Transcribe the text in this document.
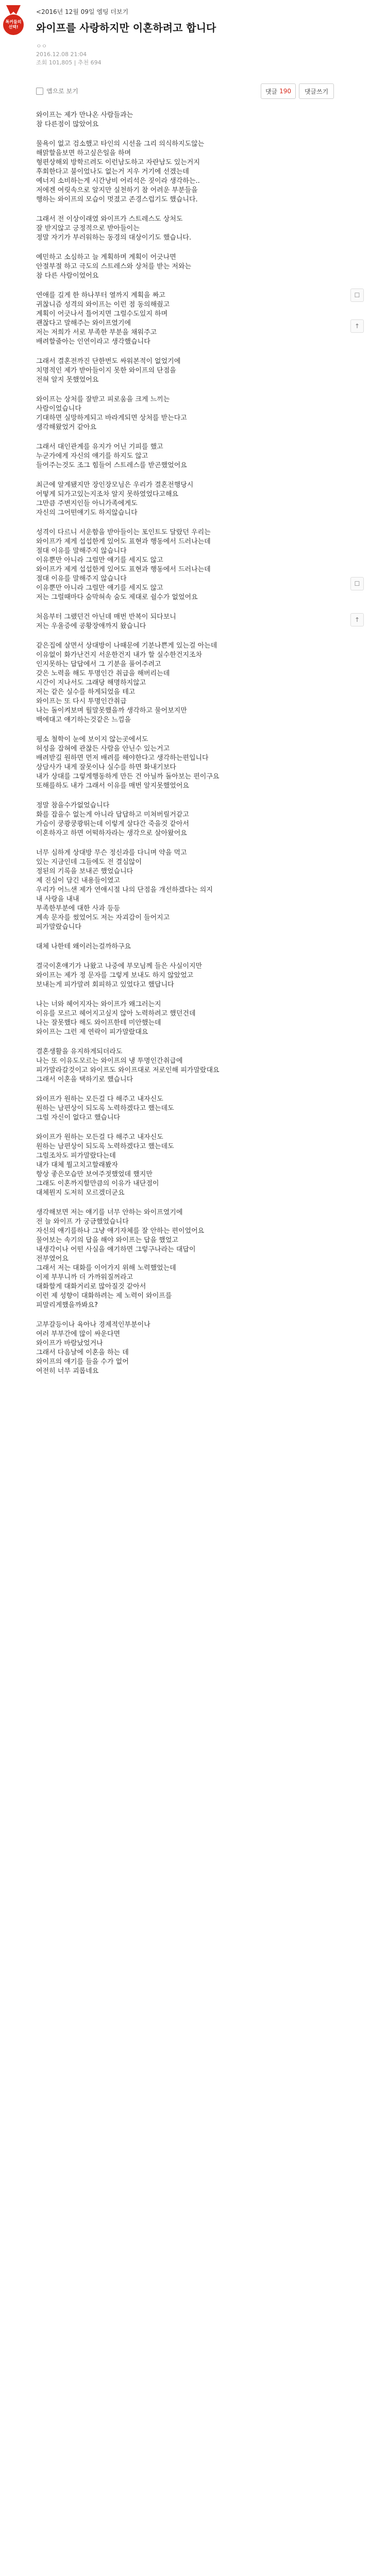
톡커들의
선택!
<2016년 12월 09일 엠팅 더보기
와이프를 사랑하지만 이혼하려고 합니다
ㅇㅇ
2016.12.08 21:04
조회 101,805 | 추천 694
앱으로 보기	댓글 190 댓글쓰기
☐
↑
☐
↑

와이프는 제가 만나온 사람들과는
참 다른점이 많았어요

물욕이 없고 검소했고 타인의 시선을 그리 의식하지도않는
해맑할을보면 하고싶은일을 하며
형편상해외 방학르려도 이런남도하고 자란남도 있는거지
후회한다고 불이었나도 없는거 지우 거기에 선겠는데
예너지 소비하는게 시간낭비 어리석은 짓이라 생각하는..
저에겐 여릿속으로 알지만 실천하기 참 어려운 부분들을
행하는 와이프의 모습이 멋졌고 존경스럽기도 했습니다.

그래서 전 이상이래였 와이프가 스트레스도 상처도
잘 받지않고 긍정적으로 받아들이는
정말 자기가 부러워하는 동경의 대상이기도 했습니다.

예민하고 소심하고 늘 계획하며 계획이 어긋나면
안절부절 하고 극도의 스트레스와 상처를 받는 저와는
참 다른 사람이었어요

연애를 길게 한 하나부터 열까지 계획을 짜고
귀찮니즘 성격의 와이프는 이런 점 동의해줬고
계획이 어긋나서 틀어지면 그럴수도있지 하며
괜찮다고 말해주는 와이프였기에
저는 저희가 서로 부족한 부분을 채워주고
배려할줄아는 인연이라고 생각했습니다

그래서 결혼전까진 단한번도 싸워본적이 없었기에
치명적인 제가 받아들이지 못한 와이프의 단점을
전혀 알지 못했었어요

와이프는 상처를 잘받고 피로움을 크게 느끼는
사람이었습니다
기대하면 실망하게되고 바라게되면 상처를 받는다고
생각해왔었거 같아요

그래서 대인관계를 유지가 어닌 기피를 했고
누군가에게 자신의 얘기를 하지도 않고
들어주는것도 조그 힘들어 스트레스를 받곤했었어요

최근에 알게됐지만 장인장모님은 우리가 결혼전행당시
어떻게 되가고있는지조차 알지 못하였었다고해요
그만큼 주변지인들 아니가족에게도
자신의 그어떤얘기도 하지않습니다

성격이 다르니 서운함을 받아들이는 포인트도 달랐던 우리는
와이프가 제게 섭섭한게 있어도 표현과 행동에서 드러나는데
절대 이유를 말해주지 않습니다
이유뿐만 아니라 그럴만 얘기를 세지도 않고
와이프가 제게 섭섭한게 있어도 표현과 행동에서 드러나는데
절대 이유를 말해주지 않습니다
이유뿐만 아니라 그럴만 얘기를 세지도 않고
저는 그럴때마다 숨막혀속 숨도 제대로 쉴수가 없었어요

처음부터 그랬던건 아닌데 매번 반복이 되다보니
저는 우울증에 공황장애까지 왔습니다

같은집에 살면서 상대방이 나때문에 기분나쁜게 있는걸 아는데
이유없이 화가난건지 서운한건지 내가 할 실수한건지조차
인지못하는 답답에서 그 기분을 풀어주려고
갖은 노력을 해도 투명인간 취급을 해버리는데
시간이 지나서도 그래당 해명하지않고
저는 같은 실수를 하게되었을 테고
와이프는 또 다시 투명인간취급
나는 돌이켜보며 월말못했을까 생각하고 물어보지만
백에대고 얘기하는것같은 느낌을

평소 철학이 눈에 보이지 않는곳에서도
허성을 잡혀에 관찮든 사람을 안닌수 있는거고
배려받길 원하면 먼저 배려를 해야한다고 생각하는편입니다
상담사가 내게 잘못이나 실수를 하면 화내기보다
내가 상대를 그렇게행동하게 만든 건 아닐까 돌아보는 편이구요
또해를하도 내가 그래서 이유를 매번 알지못했었어요

정말 참을수가없었습니다
화를 잡을수 없는게 아니라 답답하고 미쳐버릴거같고
가슴이 쿵쾅쿵쾅뛰는데 이렇게 살다간 죽을것 같아서
이혼하자고 하면 어떡하자라는 생각으로 살아왔어요

너무 심하게 상대방 무슨 정신과를 다니며 약을 먹고
있는 지금인데 그들에도 전 결심않이
정된의 기록을 보내곤 했었습니다
제 진심이 담긴 내용들이였고
우리가 어느샌 제가 연애시절 나의 단점을 개선하겠다는 의지
내 사랑을 내내
부족한부분에 대한 사과 등등
계속 문자를 썼었어도 저는 자괴감이 들어지고
피가말랐습니다

대체 나한테 왜이러는걸까하구요

결국이혼얘기가 나왔고 나중에 부모님께 들은 사실이지만
와이프는 제가 정 문자를 그렇게 보내도 하지 않았었고
보내는게 피가말려 회피하고 있었다고 했답니다

나는 너와 헤어지자는 와이프가 왜그러는지
이유를 모르고 헤어지고싶지 않아 노력하려고 했던건데
나는 잘못했다 해도 와이프한테 미안했는데
와이프는 그런 제 연락이 피가말랐대요

결혼생활을 유지하게되더라도
나는 또 이유도모르는 와이프의 냉 투명인간취급에
피가말라갈것이고 와이프도 와이프대로 저로인해 피가말랐대요
그래서 이혼을 택하기로 했습니다

와이프가 원하는 모든걸 다 해주고 내자신도
원하는 남편상이 되도록 노력하겠다고 했는데도
그럴 자신이 없다고 했습니다

와이프가 원하는 모든걸 다 해주고 내자신도
원하는 남편상이 되도록 노력하겠다고 했는데도
그럴조차도 피가말랐다는데
내가 대체 뭘고치고할래봤자
항상 좋은모습만 보여주젓했었데 했지만
그래도 이혼까지할만큼의 이유가 내단점이
대체뭔지 도저히 모르겠더군요

생각해보면 저는 얘기를 너무 안하는 와이프였기에
전 늘 와이프 가 궁금했었습니다
자신의 얘기를하나 그냥 얘기자체를 잘 안하는 편이었어요
물어보는 속기의 답을 해야 와이프는 답을 했었고
내생각이나 어떤 사실을 얘기하면 그렇구나라는 대답이
전부였어요
그래서 저는 대화를 이어가지 위해 노력했었는데
이제 부부니까 더 가까워질꺼라고
대화할게 대화거리로 많아질것 같아서
이런 제 성향이 대화하려는 제 노력이 와이프를
피말리게했을까봐요?

고부갈등이나 육아나 경제적인부분이나
여러 부부간에 많이 싸운다면
와이프가 바람났었거나
그래서 다음날에 이혼을 하는 데
와이프의 얘기를 들을 수가 없어
여전히 너무 괴롭네요
